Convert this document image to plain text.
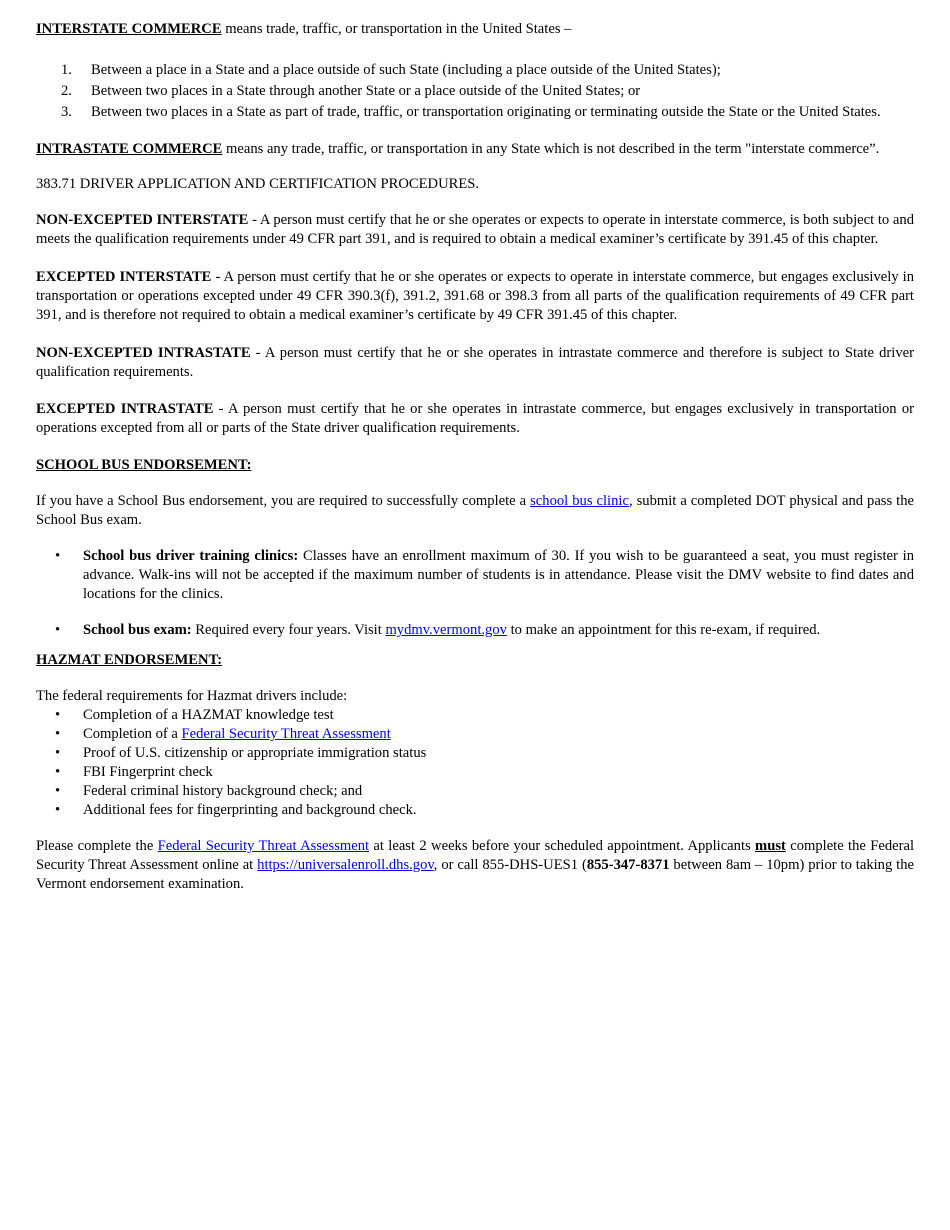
INTERSTATE COMMERCE means trade, traffic, or transportation in the United States –

1.	Between a place in a State and a place outside of such State (including a place outside of the United States);
2.	Between two places in a State through another State or a place outside of the United States; or
3.	Between two places in a State as part of trade, traffic, or transportation originating or terminating outside the State or the United States.

INTRASTATE COMMERCE means any trade, traffic, or transportation in any State which is not described in the term "interstate commerce”.

383.71 DRIVER APPLICATION AND CERTIFICATION PROCEDURES.

NON-EXCEPTED INTERSTATE - A person must certify that he or she operates or expects to operate in interstate commerce, is both subject to and meets the qualification requirements under 49 CFR part 391, and is required to obtain a medical examiner’s certificate by 391.45 of this chapter.

EXCEPTED INTERSTATE - A person must certify that he or she operates or expects to operate in interstate commerce, but engages exclusively in transportation or operations excepted under 49 CFR 390.3(f), 391.2, 391.68 or 398.3 from all parts of the qualification requirements of 49 CFR part 391, and is therefore not required to obtain a medical examiner’s certificate by 49 CFR 391.45 of this chapter.

NON-EXCEPTED INTRASTATE - A person must certify that he or she operates in intrastate commerce and therefore is subject to State driver qualification requirements.

EXCEPTED INTRASTATE - A person must certify that he or she operates in intrastate commerce, but engages exclusively in transportation or operations excepted from all or parts of the State driver qualification requirements.

SCHOOL BUS ENDORSEMENT:

If you have a School Bus endorsement, you are required to successfully complete a school bus clinic, submit a completed DOT physical and pass the School Bus exam.

• School bus driver training clinics: Classes have an enrollment maximum of 30. If you wish to be guaranteed a seat, you must register in advance. Walk-ins will not be accepted if the maximum number of students is in attendance. Please visit the DMV website to find dates and locations for the clinics.
• School bus exam: Required every four years. Visit mydmv.vermont.gov to make an appointment for this re-exam, if required.

HAZMAT ENDORSEMENT:

The federal requirements for Hazmat drivers include:

• Completion of a HAZMAT knowledge test
• Completion of a Federal Security Threat Assessment
• Proof of U.S. citizenship or appropriate immigration status
• FBI Fingerprint check
• Federal criminal history background check; and
• Additional fees for fingerprinting and background check.

Please complete the Federal Security Threat Assessment at least 2 weeks before your scheduled appointment. Applicants must complete the Federal Security Threat Assessment online at https://universalenroll.dhs.gov, or call 855-DHS-UES1 (855-347-8371 between 8am – 10pm) prior to taking the Vermont endorsement examination.
